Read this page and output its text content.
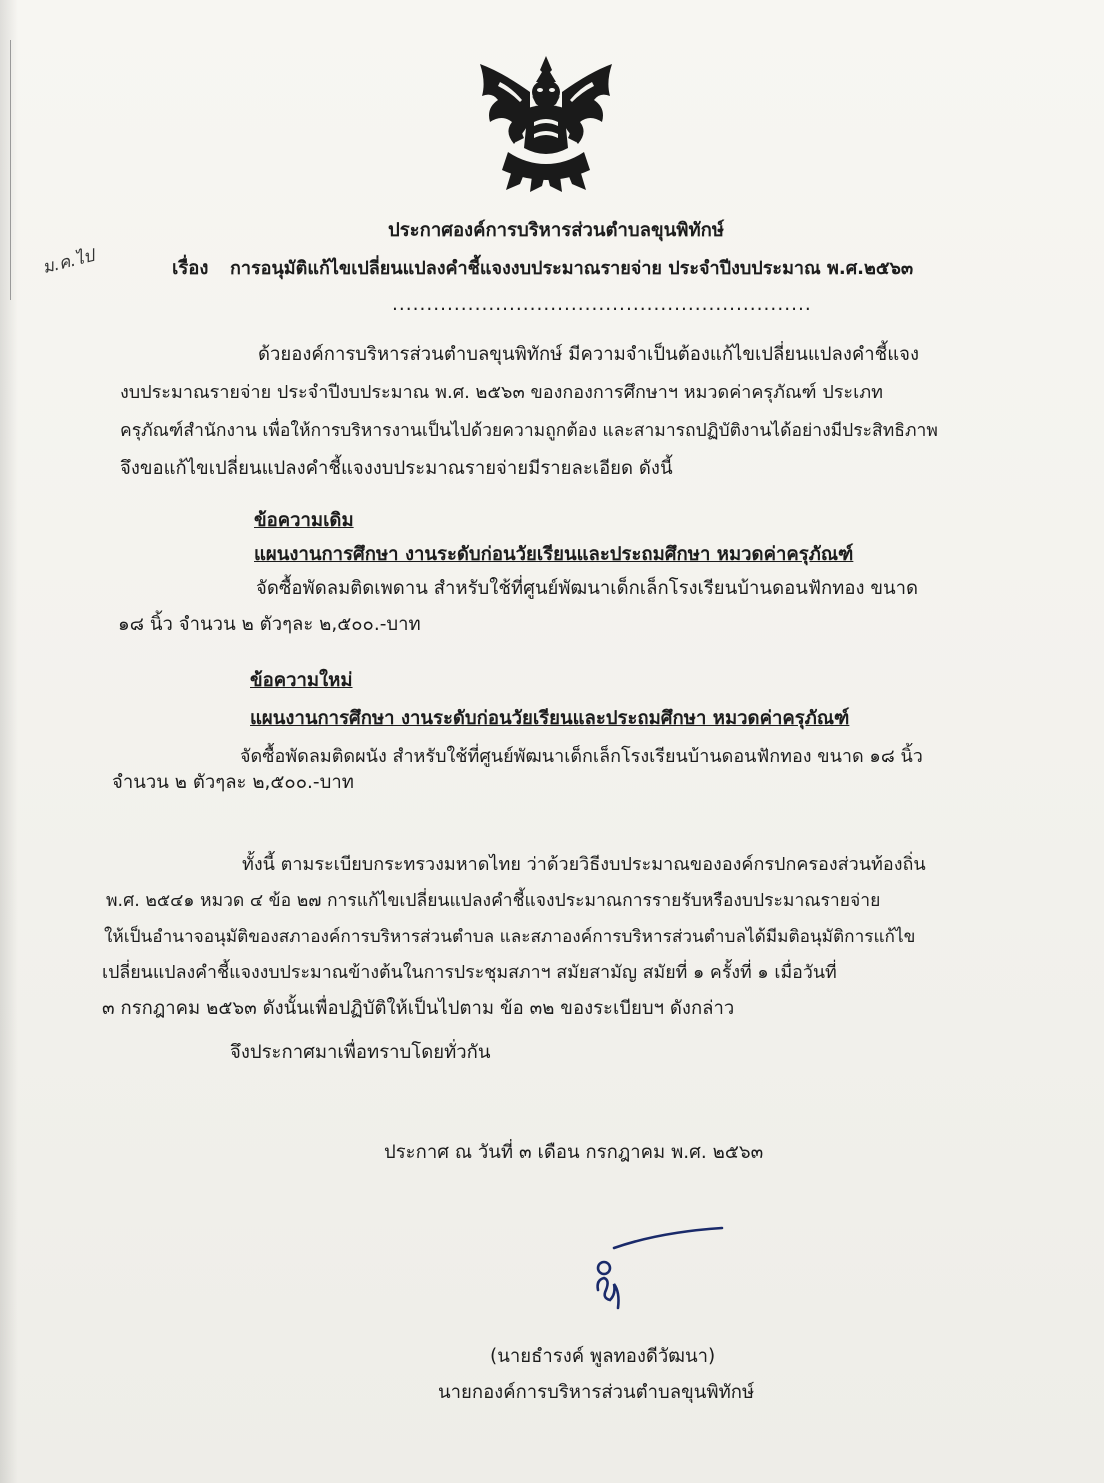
ม.ค.ไป
ประกาศองค์การบริหารส่วนตำบลขุนพิทักษ์
เรื่อง การอนุมัติแก้ไขเปลี่ยนแปลงคำชี้แจงงบประมาณรายจ่าย ประจำปีงบประมาณ พ.ศ.๒๕๖๓
.............................................................
ด้วยองค์การบริหารส่วนตำบลขุนพิทักษ์ มีความจำเป็นต้องแก้ไขเปลี่ยนแปลงคำชี้แจง
งบประมาณรายจ่าย ประจำปีงบประมาณ พ.ศ. ๒๕๖๓ ของกองการศึกษาฯ หมวดค่าครุภัณฑ์ ประเภท
ครุภัณฑ์สำนักงาน เพื่อให้การบริหารงานเป็นไปด้วยความถูกต้อง และสามารถปฏิบัติงานได้อย่างมีประสิทธิภาพ
จึงขอแก้ไขเปลี่ยนแปลงคำชี้แจงงบประมาณรายจ่ายมีรายละเอียด ดังนี้
ข้อความเดิม
แผนงานการศึกษา งานระดับก่อนวัยเรียนและประถมศึกษา หมวดค่าครุภัณฑ์
จัดซื้อพัดลมติดเพดาน สำหรับใช้ที่ศูนย์พัฒนาเด็กเล็กโรงเรียนบ้านดอนฟักทอง ขนาด
๑๘ นิ้ว จำนวน ๒ ตัวๆละ ๒,๕๐๐.-บาท
ข้อความใหม่
แผนงานการศึกษา งานระดับก่อนวัยเรียนและประถมศึกษา หมวดค่าครุภัณฑ์
จัดซื้อพัดลมติดผนัง สำหรับใช้ที่ศูนย์พัฒนาเด็กเล็กโรงเรียนบ้านดอนฟักทอง ขนาด ๑๘ นิ้ว
จำนวน ๒ ตัวๆละ ๒,๕๐๐.-บาท
ทั้งนี้ ตามระเบียบกระทรวงมหาดไทย ว่าด้วยวิธีงบประมาณขององค์กรปกครองส่วนท้องถิ่น
พ.ศ. ๒๕๔๑ หมวด ๔ ข้อ ๒๗ การแก้ไขเปลี่ยนแปลงคำชี้แจงประมาณการรายรับหรืองบประมาณรายจ่าย
ให้เป็นอำนาจอนุมัติของสภาองค์การบริหารส่วนตำบล และสภาองค์การบริหารส่วนตำบลได้มีมติอนุมัติการแก้ไข
เปลี่ยนแปลงคำชี้แจงงบประมาณข้างต้นในการประชุมสภาฯ สมัยสามัญ สมัยที่ ๑ ครั้งที่ ๑ เมื่อวันที่
๓ กรกฎาคม ๒๕๖๓ ดังนั้นเพื่อปฏิบัติให้เป็นไปตาม ข้อ ๓๒ ของระเบียบฯ ดังกล่าว
จึงประกาศมาเพื่อทราบโดยทั่วกัน
ประกาศ ณ วันที่ ๓ เดือน กรกฎาคม พ.ศ. ๒๕๖๓
(นายธำรงค์ พูลทองดีวัฒนา)
นายกองค์การบริหารส่วนตำบลขุนพิทักษ์
